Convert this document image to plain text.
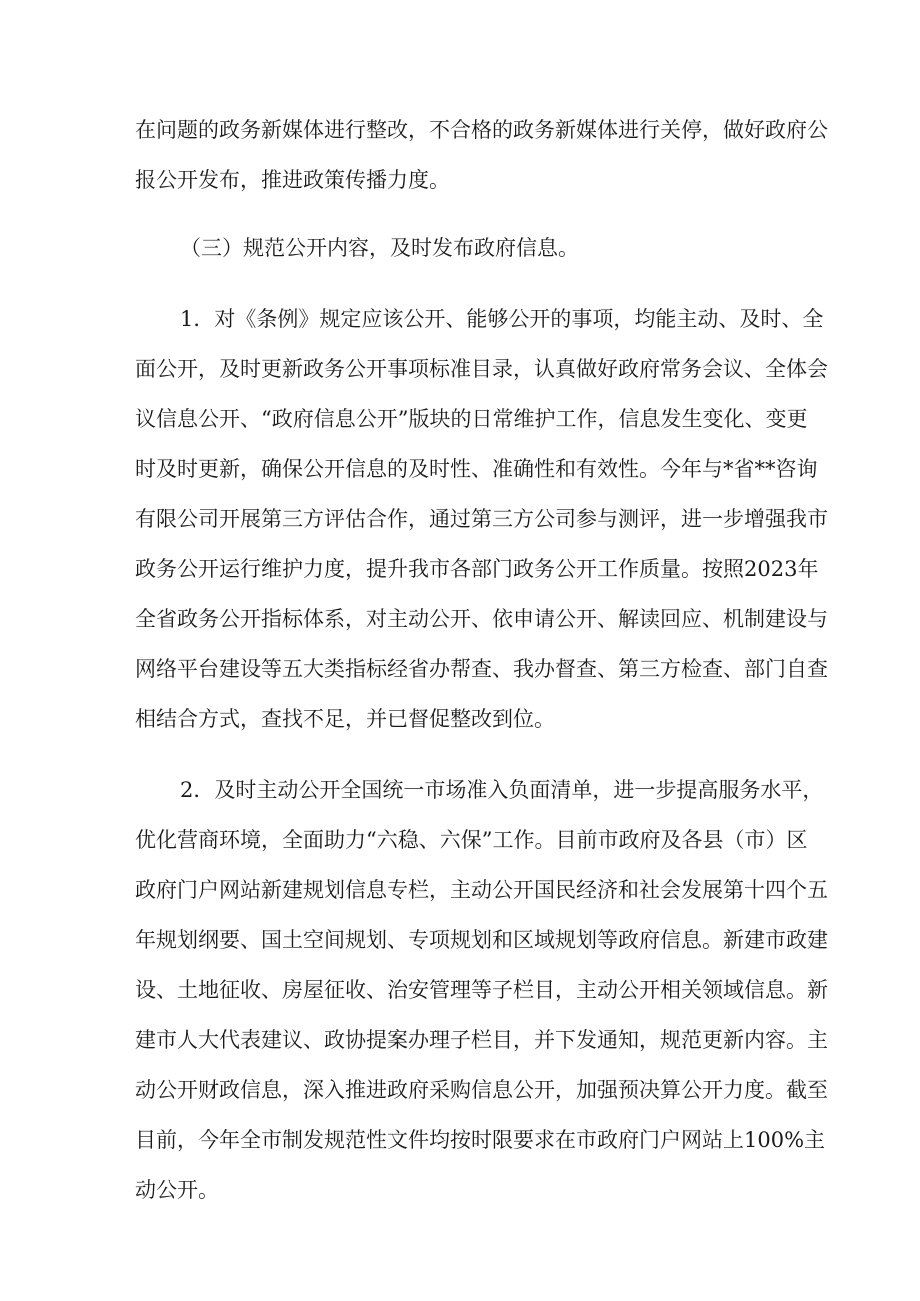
在问题的政务新媒体进行整改，不合格的政务新媒体进行关停，做好政府公
报公开发布，推进政策传播力度。
（三）规范公开内容，及时发布政府信息。
1．对《条例》规定应该公开、能够公开的事项，均能主动、及时、全
面公开，及时更新政务公开事项标准目录，认真做好政府常务会议、全体会
议信息公开、“政府信息公开”版块的日常维护工作，信息发生变化、变更
时及时更新，确保公开信息的及时性、准确性和有效性。今年与*省**咨询
有限公司开展第三方评估合作，通过第三方公司参与测评，进一步增强我市
政务公开运行维护力度，提升我市各部门政务公开工作质量。按照2023年
全省政务公开指标体系，对主动公开、依申请公开、解读回应、机制建设与
网络平台建设等五大类指标经省办帮查、我办督查、第三方检查、部门自查
相结合方式，查找不足，并已督促整改到位。
2．及时主动公开全国统一市场准入负面清单，进一步提高服务水平，
优化营商环境，全面助力“六稳、六保”工作。目前市政府及各县（市）区
政府门户网站新建规划信息专栏，主动公开国民经济和社会发展第十四个五
年规划纲要、国土空间规划、专项规划和区域规划等政府信息。新建市政建
设、土地征收、房屋征收、治安管理等子栏目，主动公开相关领域信息。新
建市人大代表建议、政协提案办理子栏目，并下发通知，规范更新内容。主
动公开财政信息，深入推进政府采购信息公开，加强预决算公开力度。截至
目前，今年全市制发规范性文件均按时限要求在市政府门户网站上100%主
动公开。
